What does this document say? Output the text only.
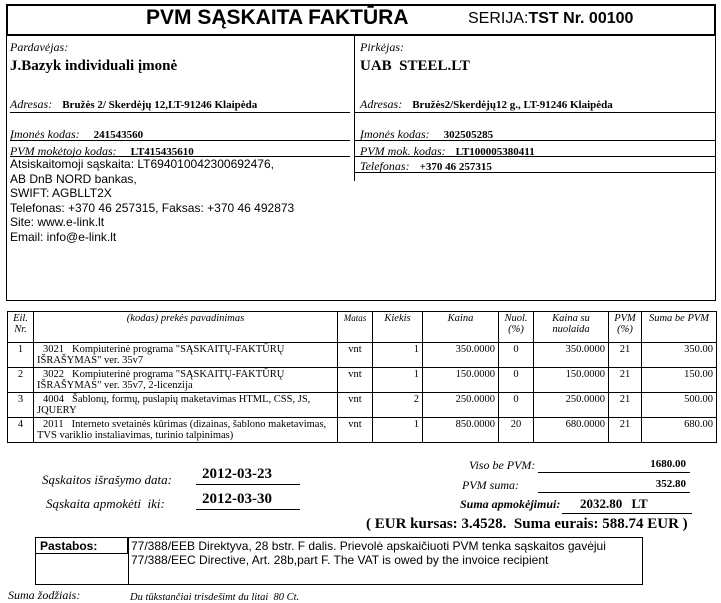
PVM SĄSKAITA FAKTŪRA	SERIJA:TST Nr. 00100
Pardavėjas:
J.Bazyk individuali įmonė
Adresas: Bružės 2/ Skerdėjų 12,LT-91246 Klaipėda
Įmonės kodas: 241543560
PVM mokėtojo kodas: LT415435610
Atsiskaitomoji sąskaita: LT694010042300692476,
AB DnB NORD bankas,
SWIFT: AGBLLT2X
Telefonas: +370 46 257315, Faksas: +370 46 492873
Site: www.e-link.lt
Email: info@e-link.lt
Pirkėjas:
UAB  STEEL.LT
Adresas: Bružės2/Skerdėjų12 g., LT-91246 Klaipėda
Įmonės kodas: 302505285
PVM mok. kodas: LT100005380411
Telefonas: +370 46 257315
Eil. Nr.	(kodas) prekės pavadinimas	Matas	Kiekis	Kaina	Nuol. (%)	Kaina su nuolaida	PVM (%)	Suma be PVM
1	3021 Kompiuterinė programa "SĄSKAITŲ-FAKTŪRŲ IŠRAŠYMAS" ver. 35v7	vnt	1	350.0000	0	350.0000	21	350.00
2	3022 Kompiuterinė programa "SĄSKAITŲ-FAKTŪRŲ IŠRAŠYMAS" ver. 35v7, 2-licenzija	vnt	1	150.0000	0	150.0000	21	150.00
3	4004 Šablonų, formų, puslapių maketavimas HTML, CSS, JS, JQUERY	vnt	2	250.0000	0	250.0000	21	500.00
4	2011 Interneto svetainės kūrimas (dizainas, šablono maketavimas, TVS variklio instaliavimas, turinio talpinimas)	vnt	1	850.0000	20	680.0000	21	680.00
Sąskaitos išrašymo data: 2012-03-23
Sąskaita apmokėti  iki: 2012-03-30
Viso be PVM:	1680.00
PVM suma:	352.80
Suma apmokėjimui: 2032.80 LT
( EUR kursas: 3.4528.  Suma eurais: 588.74 EUR )
Pastabos:	77/388/EEB Direktyva, 28 bstr. F dalis. Prievolė apskaičiuoti PVM tenka sąskaitos gavėjui
77/388/EEC Directive, Art. 28b,part F. The VAT is owed by the invoice recipient
Suma žodžiais:	Du tūkstančiai trisdešimt du litai  80 Ct.
